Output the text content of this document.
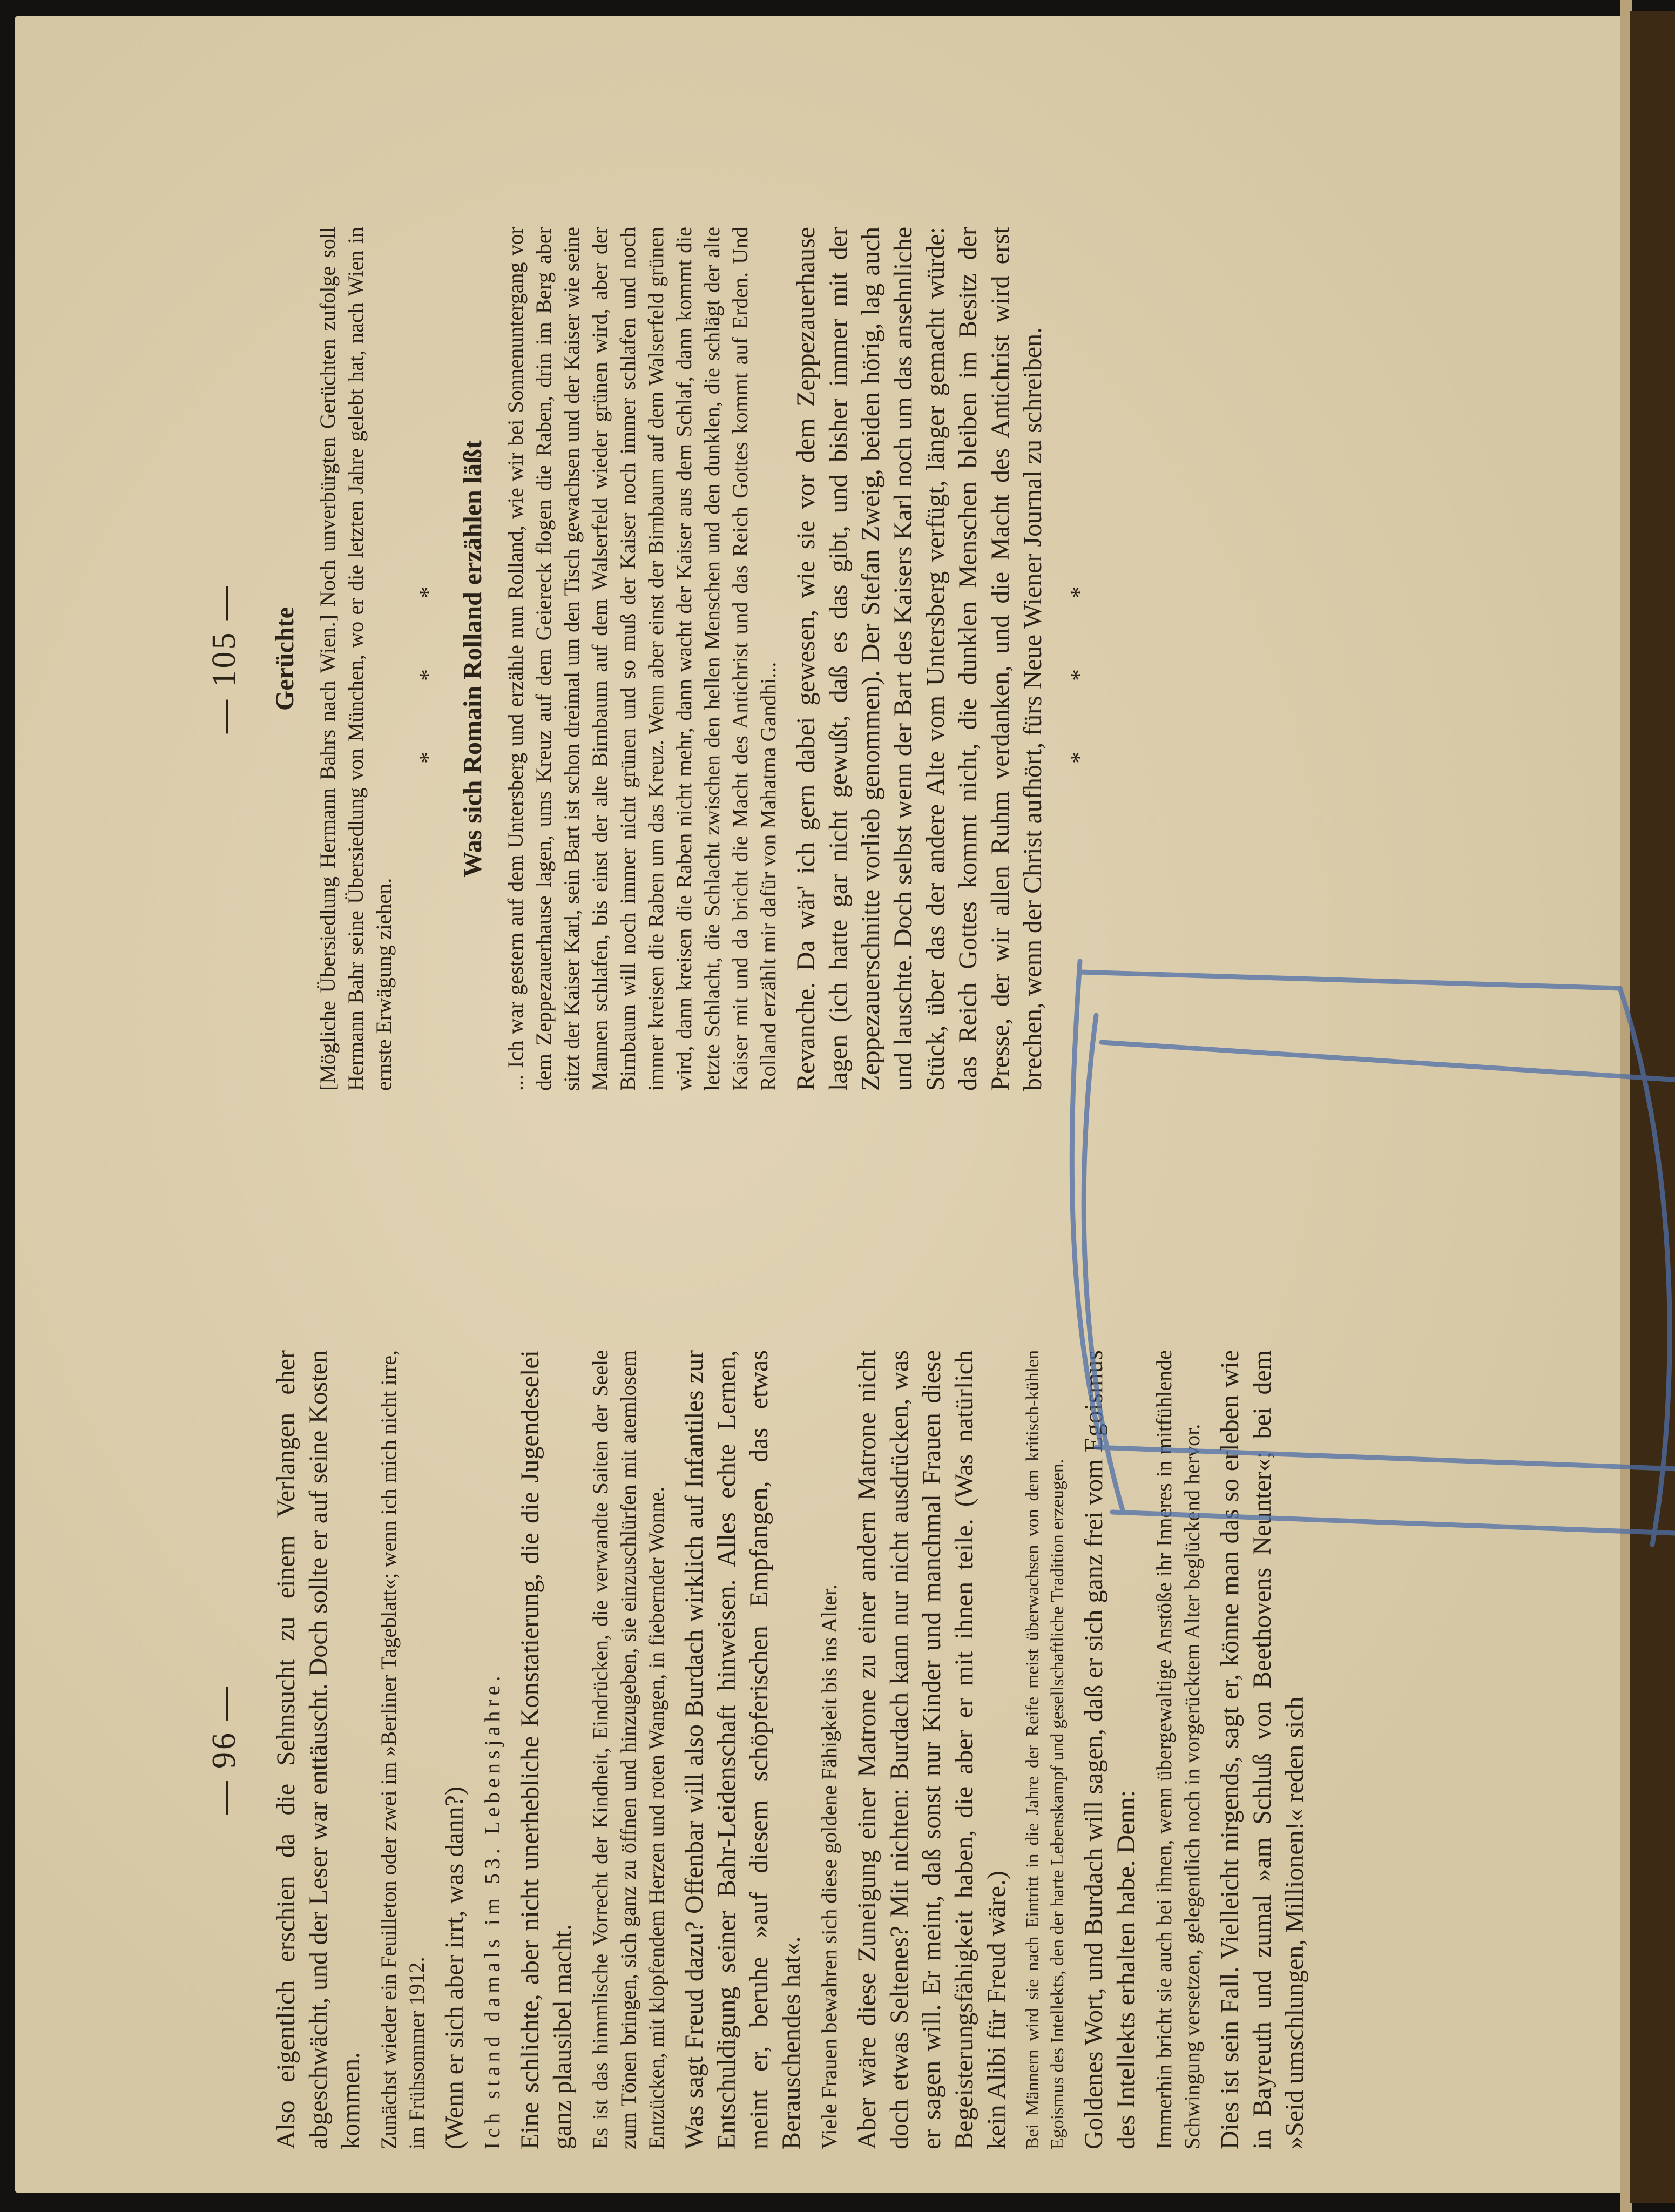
— 96 — Also eigentlich erschien da die Sehnsucht zu einem Verlangen eher abgeschwächt, und der Leser war enttäuscht. Doch sollte er auf seine Kosten kommen. Zunächst wieder ein Feuilleton oder zwei im »Berliner Tageblatt«; wenn ich mich nicht irre, im Frühsommer 1912. (Wenn er sich aber irrt, was dann?) Ich stand damals im 53. Lebensjahre. Eine schlichte, aber nicht unerhebliche Konstatierung, die die Jugendeselei ganz plausibel macht. Es ist das himmlische Vorrecht der Kindheit, Eindrücken, die verwandte Saiten der Seele zum Tönen bringen, sich ganz zu öffnen und hinzugeben, sie einzuschlürfen mit atemlosem Entzücken, mit klopfendem Herzen und roten Wangen, in fiebernder Wonne. Was sagt Freud dazu? Offenbar will also Burdach wirklich auf Infantiles zur Entschuldigung seiner Bahr-Leidenschaft hinweisen. Alles echte Lernen, meint er, beruhe »auf diesem schöpferischen Empfangen, das etwas Berauschendes hat«. Viele Frauen bewahren sich diese goldene Fähigkeit bis ins Alter. Aber wäre diese Zuneigung einer Matrone zu einer andern Matrone nicht doch etwas Seltenes? Mit nichten: Burdach kann nur nicht ausdrücken, was er sagen will. Er meint, daß sonst nur Kinder und manchmal Frauen diese Begeisterungsfähigkeit haben, die aber er mit ihnen teile. (Was natürlich kein Alibi für Freud wäre.) Bei Männern wird sie nach Eintritt in die Jahre der Reife meist überwachsen von dem kritisch-kühlen Egoismus des Intellekts, den der harte Lebenskampf und gesellschaftliche Tradition erzeugen. Goldenes Wort, und Burdach will sagen, daß er sich ganz frei vom Egoismus des Intellekts erhalten habe. Denn: Immerhin bricht sie auch bei ihnen, wenn übergewaltige Anstöße ihr Inneres in mitfühlende Schwingung versetzen, gelegentlich noch in vorgerücktem Alter beglückend hervor. Dies ist sein Fall. Vielleicht nirgends, sagt er, könne man das so erleben wie in Bayreuth und zumal »am Schluß von Beethovens Neunter«; bei dem »Seid umschlungen, Millionen!« reden sich

— 105 — Gerüchte [Mögliche Übersiedlung Hermann Bahrs nach Wien.] Noch unverbürgten Gerüchten zufolge soll Hermann Bahr seine Übersiedlung von München, wo er die letzten Jahre gelebt hat, nach Wien in ernste Erwägung ziehen.

* * * Was sich Romain Rolland erzählen läßt ... Ich war gestern auf dem Untersberg und erzähle nun Rolland, wie wir bei Sonnenuntergang vor dem Zeppezauerhause lagen, ums Kreuz auf dem Geiereck flogen die Raben, drin im Berg aber sitzt der Kaiser Karl, sein Bart ist schon dreimal um den Tisch gewachsen und der Kaiser wie seine Mannen schlafen, bis einst der alte Birnbaum auf dem Walserfeld wieder grünen wird, aber der Birnbaum will noch immer nicht grünen und so muß der Kaiser noch immer schlafen und noch immer kreisen die Raben um das Kreuz. Wenn aber einst der Birnbaum auf dem Walserfeld grünen wird, dann kreisen die Raben nicht mehr, dann wacht der Kaiser aus dem Schlaf, dann kommt die letzte Schlacht, die Schlacht zwischen den hellen Menschen und den dunklen, die schlägt der alte Kaiser mit und da bricht die Macht des Antichrist und das Reich Gottes kommt auf Erden. Und Rolland erzählt mir dafür von Mahatma Gandhi... Revanche. Da wär' ich gern dabei gewesen, wie sie vor dem Zeppezauerhause lagen (ich hatte gar nicht gewußt, daß es das gibt, und bisher immer mit der Zeppezauerschnitte vorlieb genommen). Der Stefan Zweig, beiden hörig, lag auch und lauschte. Doch selbst wenn der Bart des Kaisers Karl noch um das ansehnliche Stück, über das der andere Alte vom Untersberg verfügt, länger gemacht würde: das Reich Gottes kommt nicht, die dunklen Menschen bleiben im Besitz der Presse, der wir allen Ruhm verdanken, und die Macht des Antichrist wird erst brechen, wenn der Christ aufhört, fürs Neue Wiener Journal zu schreiben. * * *
